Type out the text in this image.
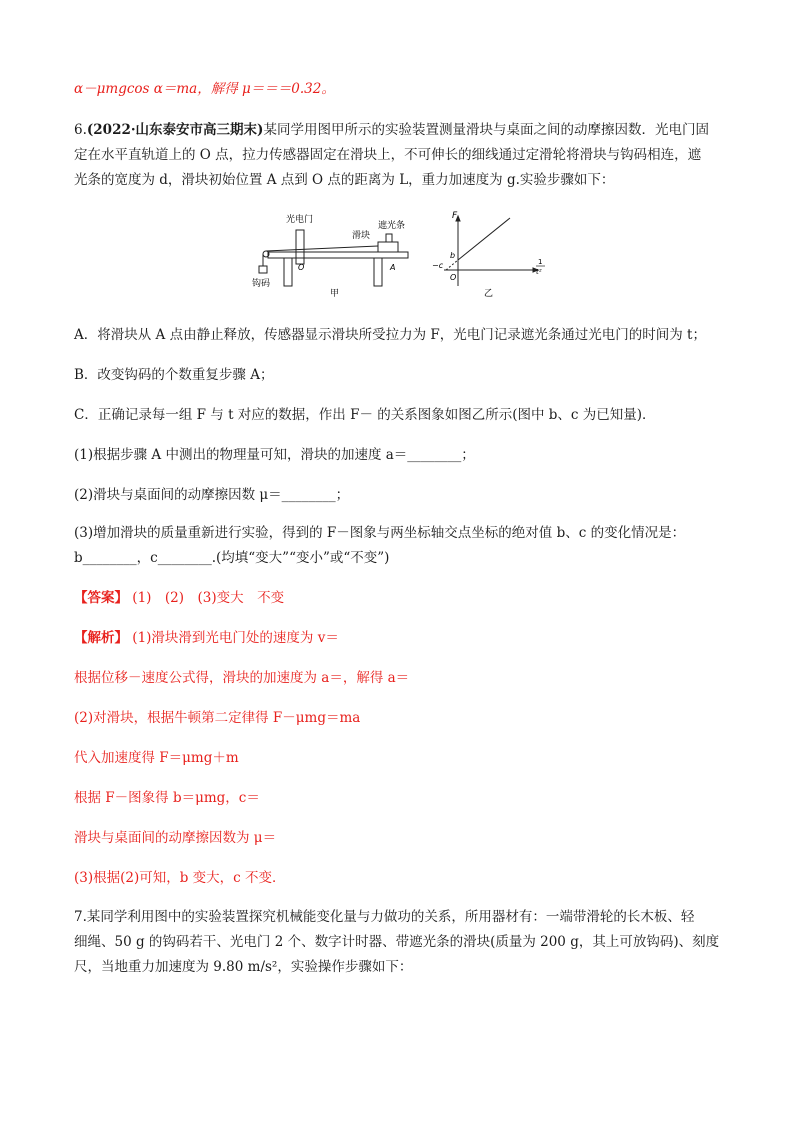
α－μmgcos α＝ma，解得 μ＝＝＝0.32。
6.(2022·山东泰安市高三期末)某同学用图甲所示的实验装置测量滑块与桌面之间的动摩擦因数．光电门固
定在水平直轨道上的 O 点，拉力传感器固定在滑块上，不可伸长的细线通过定滑轮将滑块与钩码相连，遮
光条的宽度为 d，滑块初始位置 A 点到 O 点的距离为 L，重力加速度为 g.实验步骤如下：
光电门
遮光条
滑块
钩码
O	A
甲
F
b
−c
O
1
t²
乙
A．将滑块从 A 点由静止释放，传感器显示滑块所受拉力为 F，光电门记录遮光条通过光电门的时间为 t；
B．改变钩码的个数重复步骤 A；
C．正确记录每一组 F 与 t 对应的数据，作出 F－ 的关系图象如图乙所示(图中 b、c 为已知量)．
(1)根据步骤 A 中测出的物理量可知，滑块的加速度 a＝________；
(2)滑块与桌面间的动摩擦因数 μ＝________；
(3)增加滑块的质量重新进行实验，得到的 F－图象与两坐标轴交点坐标的绝对值 b、c 的变化情况是：
b________，c________.(均填“变大”“变小”或“不变”)
【答案】 (1)　(2)　(3)变大　不变
【解析】 (1)滑块滑到光电门处的速度为 v＝
根据位移－速度公式得，滑块的加速度为 a＝，解得 a＝
(2)对滑块，根据牛顿第二定律得 F－μmg＝ma
代入加速度得 F＝μmg＋m
根据 F－图象得 b＝μmg，c＝
滑块与桌面间的动摩擦因数为 μ＝
(3)根据(2)可知，b 变大，c 不变．
7.某同学利用图中的实验装置探究机械能变化量与力做功的关系，所用器材有：一端带滑轮的长木板、轻
细绳、50 g 的钩码若干、光电门 2 个、数字计时器、带遮光条的滑块(质量为 200 g，其上可放钩码)、刻度
尺，当地重力加速度为 9.80 m/s²，实验操作步骤如下：
